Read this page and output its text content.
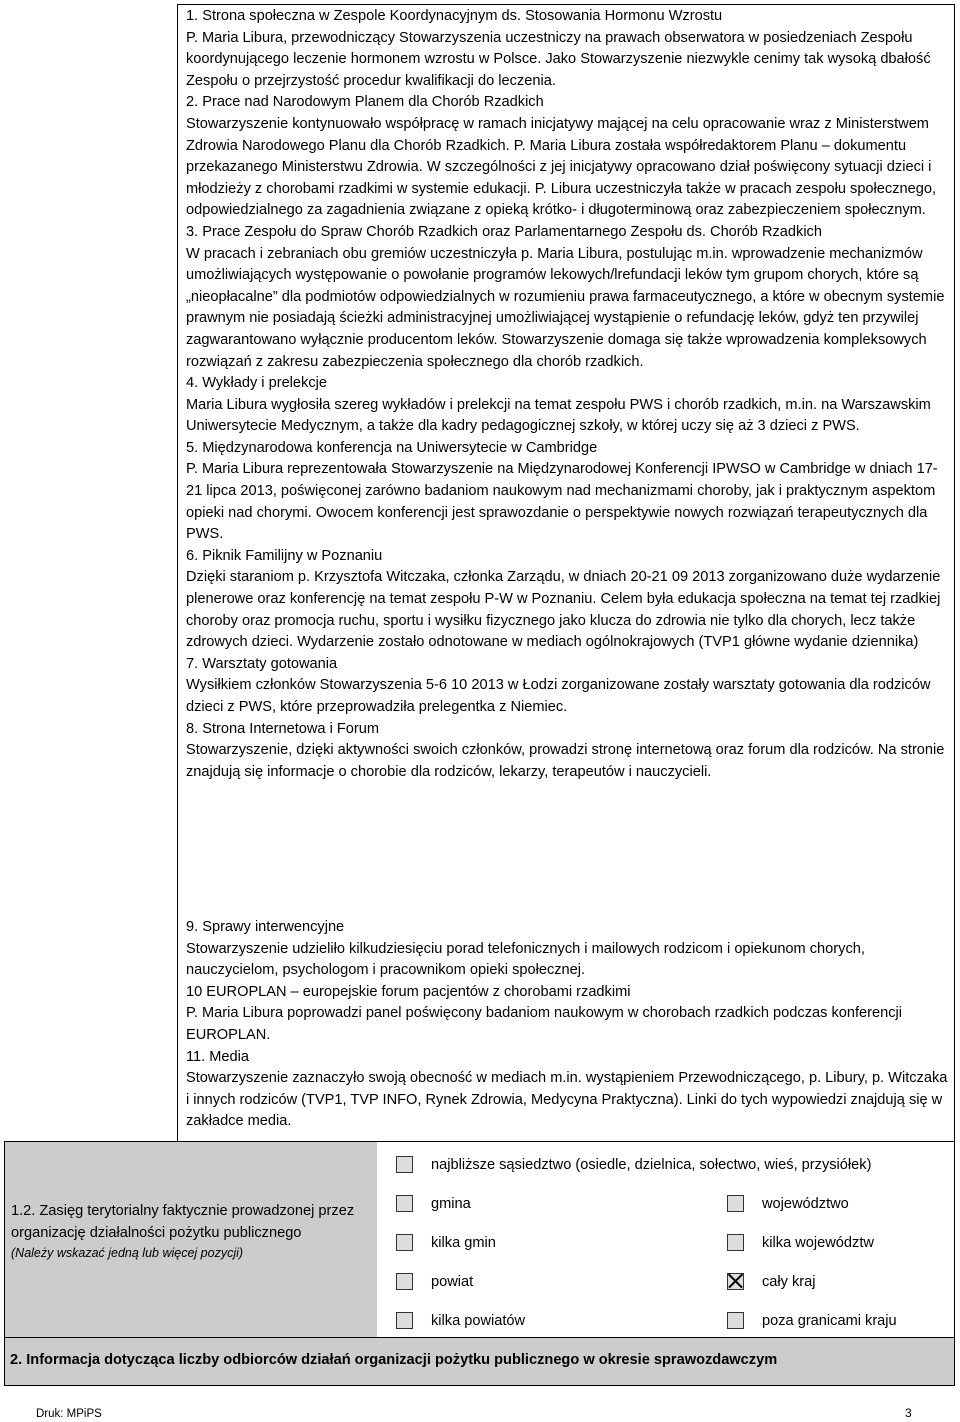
1. Strona społeczna w Zespole Koordynacyjnym ds. Stosowania Hormonu Wzrostu

P. Maria Libura, przewodniczący Stowarzyszenia uczestniczy na prawach obserwatora w posiedzeniach Zespołu koordynującego leczenie hormonem wzrostu w Polsce. Jako Stowarzyszenie niezwykle cenimy tak wysoką dbałość Zespołu o przejrzystość procedur kwalifikacji do leczenia.

2. Prace nad Narodowym Planem dla Chorób Rzadkich

Stowarzyszenie kontynuowało współpracę w ramach inicjatywy mającej na celu opracowanie wraz z Ministerstwem Zdrowia Narodowego Planu dla Chorób Rzadkich. P. Maria Libura została współredaktorem Planu – dokumentu przekazanego Ministerstwu Zdrowia. W szczególności z jej inicjatywy opracowano dział poświęcony sytuacji dzieci i młodzieży z chorobami rzadkimi w systemie edukacji. P. Libura uczestniczyła także w pracach zespołu społecznego, odpowiedzialnego za zagadnienia związane z opieką krótko- i długoterminową oraz zabezpieczeniem społecznym.

3. Prace Zespołu do Spraw Chorób Rzadkich oraz Parlamentarnego Zespołu ds. Chorób Rzadkich

W pracach i zebraniach obu gremiów uczestniczyła p. Maria Libura, postulując m.in. wprowadzenie mechanizmów umożliwiających występowanie o powołanie programów lekowych/lrefundacji leków tym grupom chorych, które są „nieopłacalne” dla podmiotów odpowiedzialnych w rozumieniu prawa farmaceutycznego, a które w obecnym systemie prawnym nie posiadają ścieżki administracyjnej umożliwiającej wystąpienie o refundację leków, gdyż ten przywilej zagwarantowano wyłącznie producentom leków. Stowarzyszenie domaga się także wprowadzenia kompleksowych rozwiązań z zakresu zabezpieczenia społecznego dla chorób rzadkich.

4. Wykłady i prelekcje

Maria Libura wygłosiła szereg wykładów i prelekcji na temat zespołu PWS i chorób rzadkich, m.in. na Warszawskim Uniwersytecie Medycznym, a także dla kadry pedagogicznej szkoły, w której uczy się aż 3 dzieci z PWS.

5. Międzynarodowa konferencja na Uniwersytecie w Cambridge

P. Maria Libura reprezentowała Stowarzyszenie na Międzynarodowej Konferencji IPWSO w Cambridge w dniach 17-21 lipca 2013, poświęconej zarówno badaniom naukowym nad mechanizmami choroby, jak i praktycznym aspektom opieki nad chorymi. Owocem konferencji jest sprawozdanie o perspektywie nowych rozwiązań terapeutycznych dla PWS.

6. Piknik Familijny w Poznaniu

Dzięki staraniom p. Krzysztofa Witczaka, członka Zarządu, w dniach 20-21 09 2013 zorganizowano duże wydarzenie plenerowe oraz konferencję na temat zespołu P-W w Poznaniu. Celem była edukacja społeczna na temat tej rzadkiej choroby oraz promocja ruchu, sportu i wysiłku fizycznego jako klucza do zdrowia nie tylko dla chorych, lecz także zdrowych dzieci. Wydarzenie zostało odnotowane w mediach ogólnokrajowych (TVP1 główne wydanie dziennika)

7. Warsztaty gotowania

Wysiłkiem członków Stowarzyszenia 5-6 10 2013 w Łodzi zorganizowane zostały warsztaty gotowania dla rodziców dzieci z PWS, które przeprowadziła prelegentka z Niemiec.

8. Strona Internetowa i Forum

Stowarzyszenie, dzięki aktywności swoich członków, prowadzi stronę internetową oraz forum dla rodziców. Na stronie znajdują się informacje o chorobie dla rodziców, lekarzy, terapeutów i nauczycieli.

9. Sprawy interwencyjne

Stowarzyszenie udzieliło kilkudziesięciu porad telefonicznych i mailowych rodzicom i opiekunom chorych, nauczycielom, psychologom i pracownikom opieki społecznej.

10 EUROPLAN – europejskie forum pacjentów z chorobami rzadkimi

P. Maria Libura poprowadzi panel poświęcony badaniom naukowym w chorobach rzadkich podczas konferencji EUROPLAN.

11. Media

Stowarzyszenie zaznaczyło swoją obecność w mediach m.in. wystąpieniem Przewodniczącego, p. Libury, p. Witczaka i innych rodziców (TVP1, TVP INFO, Rynek Zdrowia, Medycyna Praktyczna). Linki do tych wypowiedzi znajdują się w zakładce media.

1.2. Zasięg terytorialny faktycznie prowadzonej przez organizację działalności pożytku publicznego
(Należy wskazać jedną lub więcej pozycji)
najbliższe sąsiedztwo (osiedle, dzielnica, sołectwo, wieś, przysiółek)
gmina
kilka gmin
powiat
kilka powiatów
województwo
kilka województw
cały kraj
poza granicami kraju
2. Informacja dotycząca liczby odbiorców działań organizacji pożytku publicznego w okresie sprawozdawczym
Druk: MPiPS	3
